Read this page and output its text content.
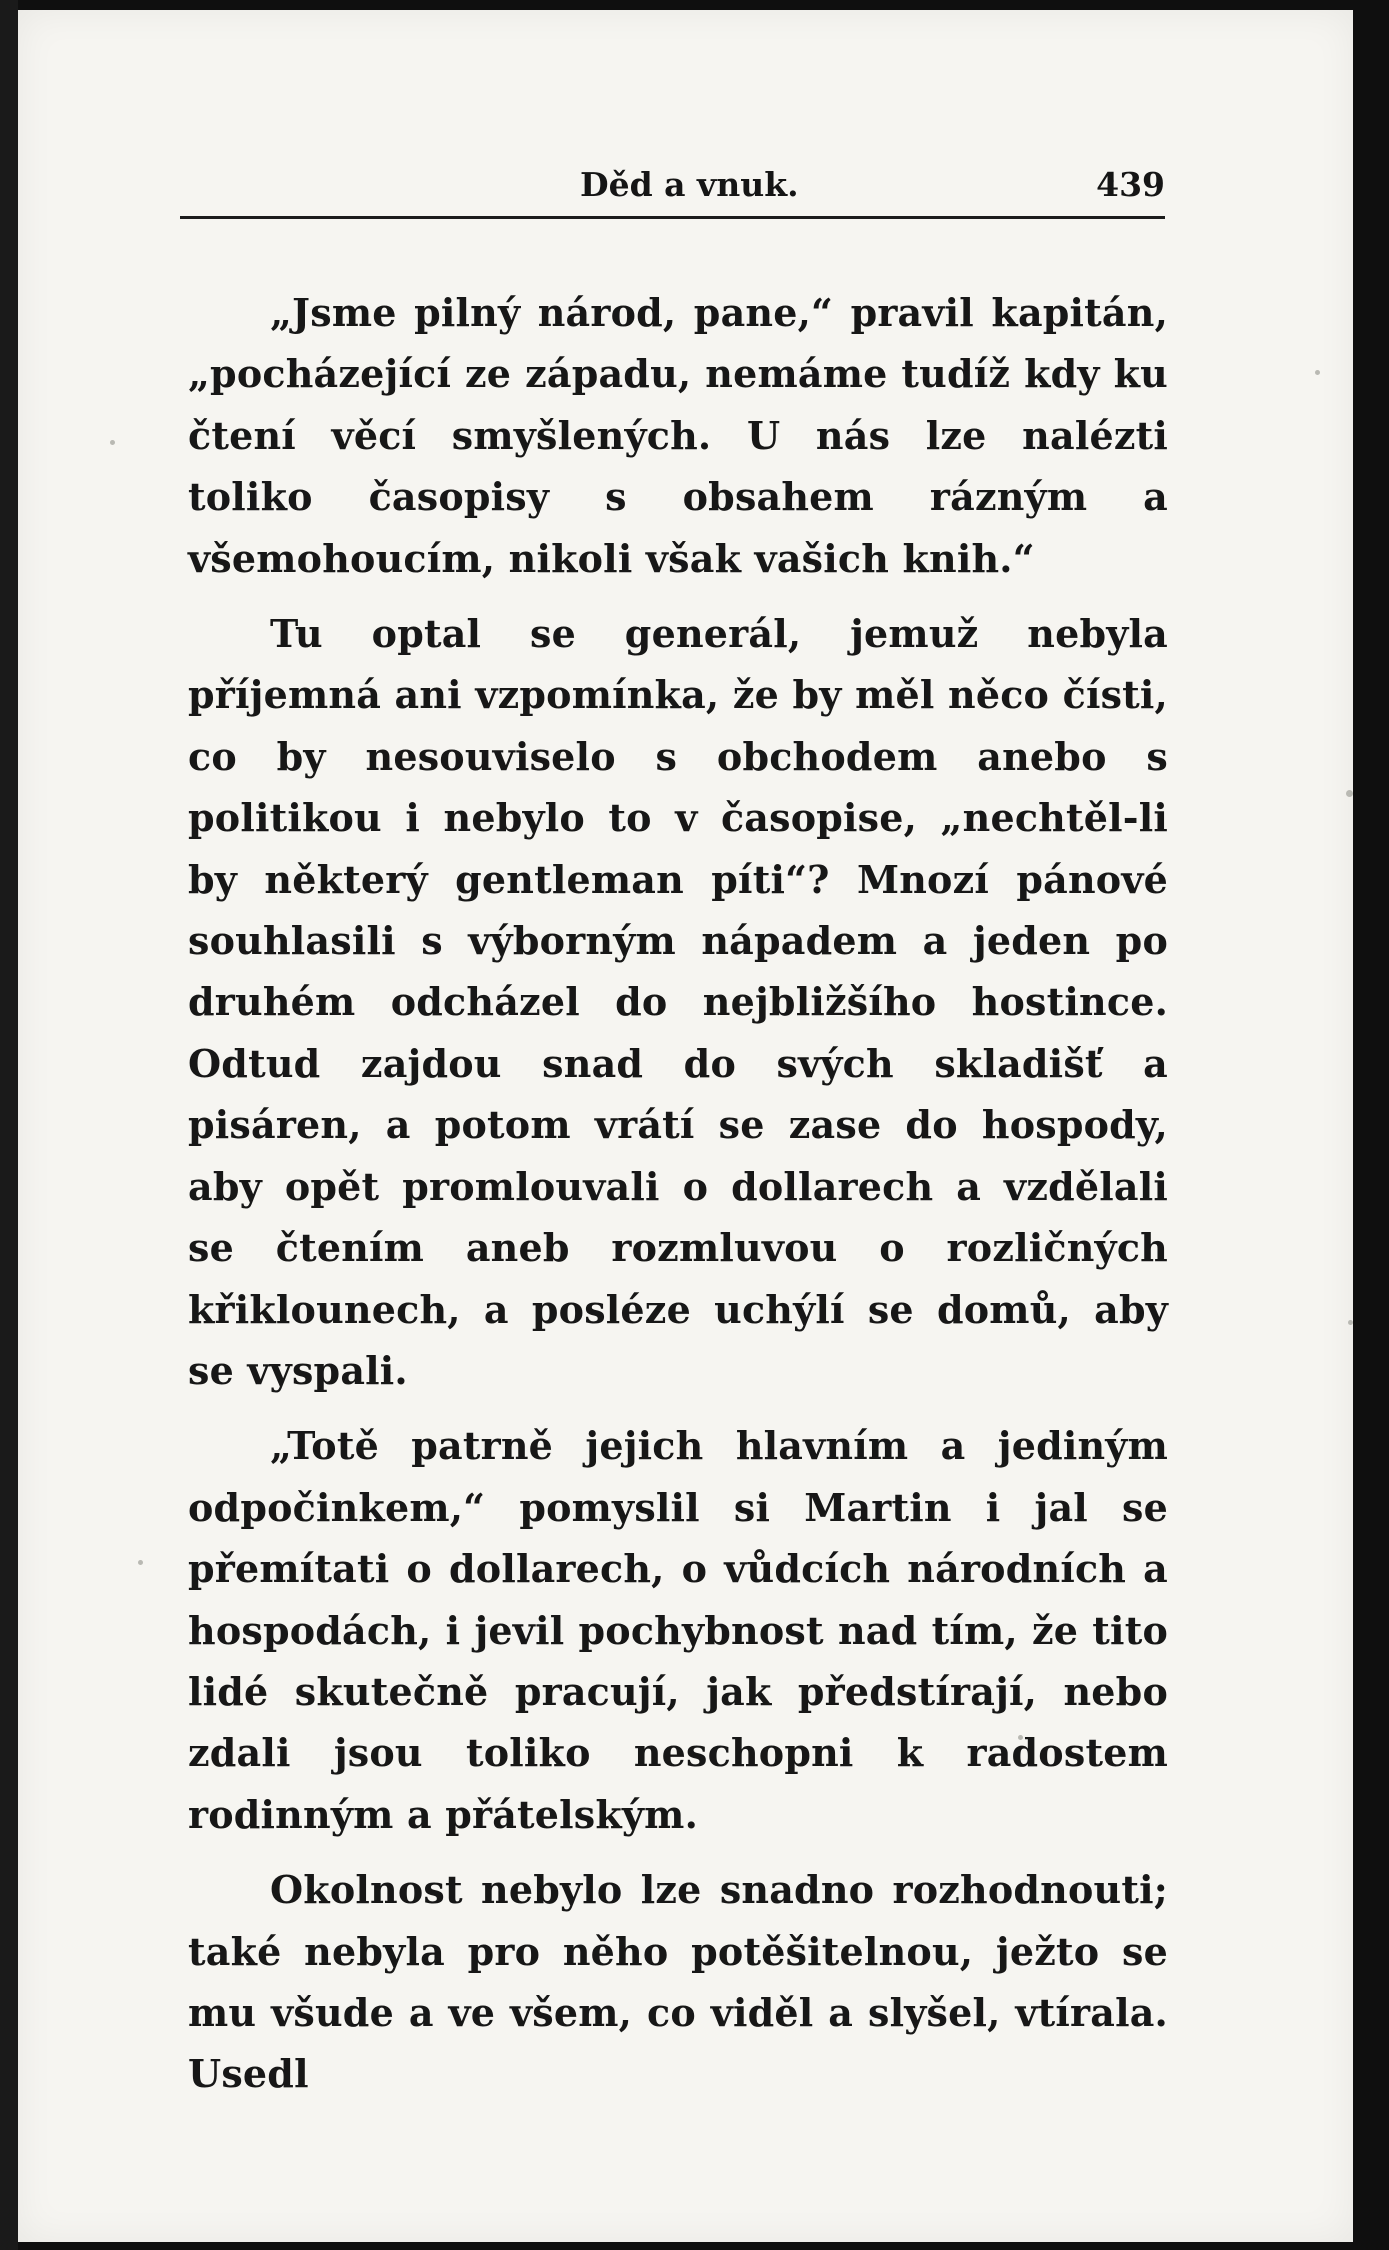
Děd a vnuk.	439

„Jsme pilný národ, pane,“ pravil kapitán, „pocházející ze západu, nemáme tudíž kdy ku čtení věcí smyšlených. U nás lze nalézti toliko časopisy s obsahem rázným a všemohoucím, nikoli však vašich knih.“

Tu optal se generál, jemuž nebyla příjemná ani vzpomínka, že by měl něco čísti, co by nesouviselo s obchodem anebo s politikou i nebylo to v časopise, „nechtěl-li by některý gentleman píti“? Mnozí pánové souhlasili s výborným nápadem a jeden po druhém odcházel do nejbližšího hostince. Odtud zajdou snad do svých skladišť a pisáren, a potom vrátí se zase do hospody, aby opět promlouvali o dollarech a vzdělali se čtením aneb rozmluvou o rozličných křiklounech, a posléze uchýlí se domů, aby se vyspali.

„Totě patrně jejich hlavním a jediným odpočinkem,“ pomyslil si Martin i jal se přemítati o dollarech, o vůdcích národních a hospodách, i jevil pochybnost nad tím, že tito lidé skutečně pracují, jak předstírají, nebo zdali jsou toliko neschopni k radostem rodinným a přátelským.

Okolnost nebylo lze snadno rozhodnouti; také nebyla pro něho potěšitelnou, ježto se mu všude a ve všem, co viděl a slyšel, vtírala. Usedl
